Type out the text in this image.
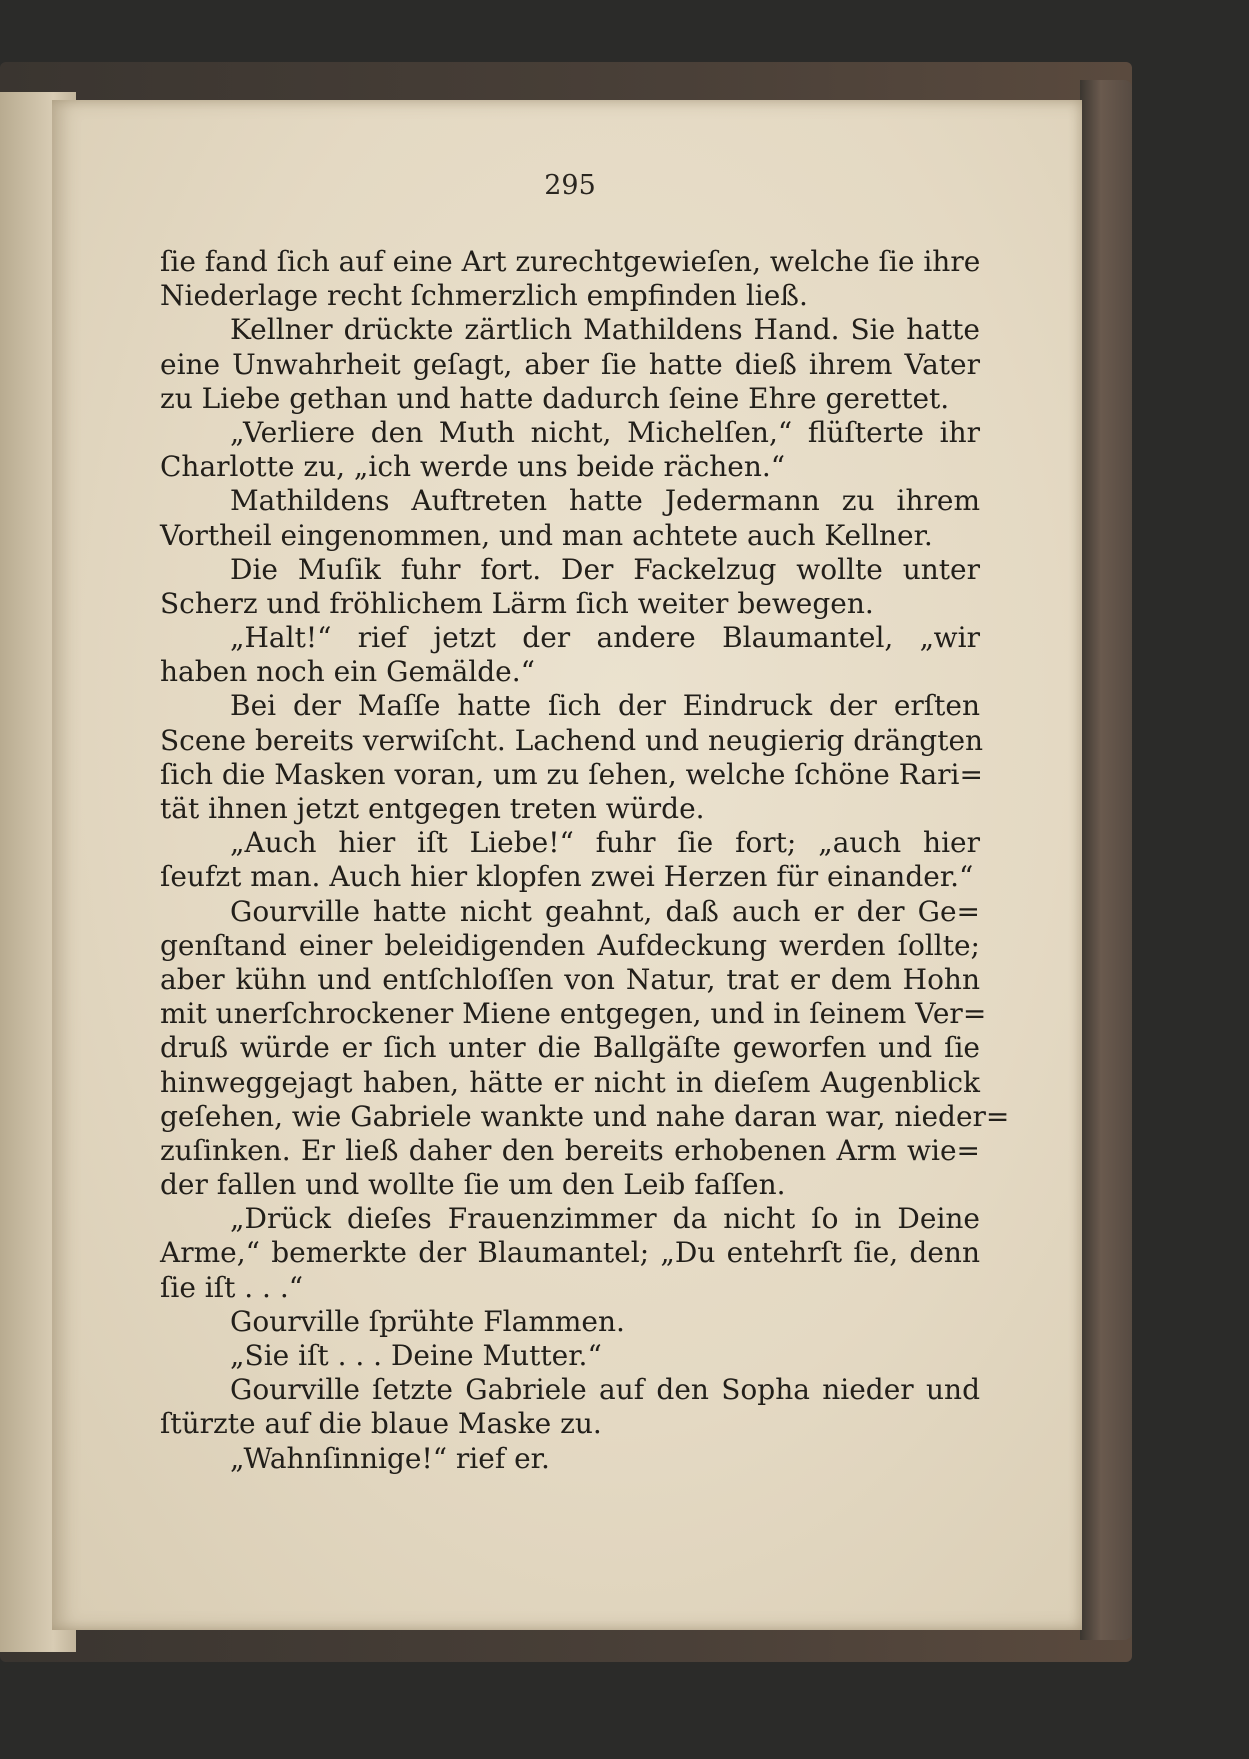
295
ſie fand ſich auf eine Art zurechtgewieſen, welche ſie ihre
Niederlage recht ſchmerzlich empfinden ließ.
Kellner drückte zärtlich Mathildens Hand. Sie hatte
eine Unwahrheit geſagt, aber ſie hatte dieß ihrem Vater
zu Liebe gethan und hatte dadurch ſeine Ehre gerettet.
„Verliere den Muth nicht, Michelſen,“ flüſterte ihr
Charlotte zu, „ich werde uns beide rächen.“
Mathildens Auftreten hatte Jedermann zu ihrem
Vortheil eingenommen, und man achtete auch Kellner.
Die Muſik fuhr fort. Der Fackelzug wollte unter
Scherz und fröhlichem Lärm ſich weiter bewegen.
„Halt!“ rief jetzt der andere Blaumantel, „wir
haben noch ein Gemälde.“
Bei der Maſſe hatte ſich der Eindruck der erſten
Scene bereits verwiſcht. Lachend und neugierig drängten
ſich die Masken voran, um zu ſehen, welche ſchöne Rari=
tät ihnen jetzt entgegen treten würde.
„Auch hier iſt Liebe!“ fuhr ſie fort; „auch hier
ſeufzt man. Auch hier klopfen zwei Herzen für einander.“
Gourville hatte nicht geahnt, daß auch er der Ge=
genſtand einer beleidigenden Aufdeckung werden ſollte;
aber kühn und entſchloſſen von Natur, trat er dem Hohn
mit unerſchrockener Miene entgegen, und in ſeinem Ver=
druß würde er ſich unter die Ballgäſte geworfen und ſie
hinweggejagt haben, hätte er nicht in dieſem Augenblick
geſehen, wie Gabriele wankte und nahe daran war, nieder=
zuſinken. Er ließ daher den bereits erhobenen Arm wie=
der fallen und wollte ſie um den Leib faſſen.
„Drück dieſes Frauenzimmer da nicht ſo in Deine
Arme,“ bemerkte der Blaumantel; „Du entehrſt ſie, denn
ſie iſt . . .“
Gourville ſprühte Flammen.
„Sie iſt . . . Deine Mutter.“
Gourville ſetzte Gabriele auf den Sopha nieder und
ſtürzte auf die blaue Maske zu.
„Wahnſinnige!“ rief er.
